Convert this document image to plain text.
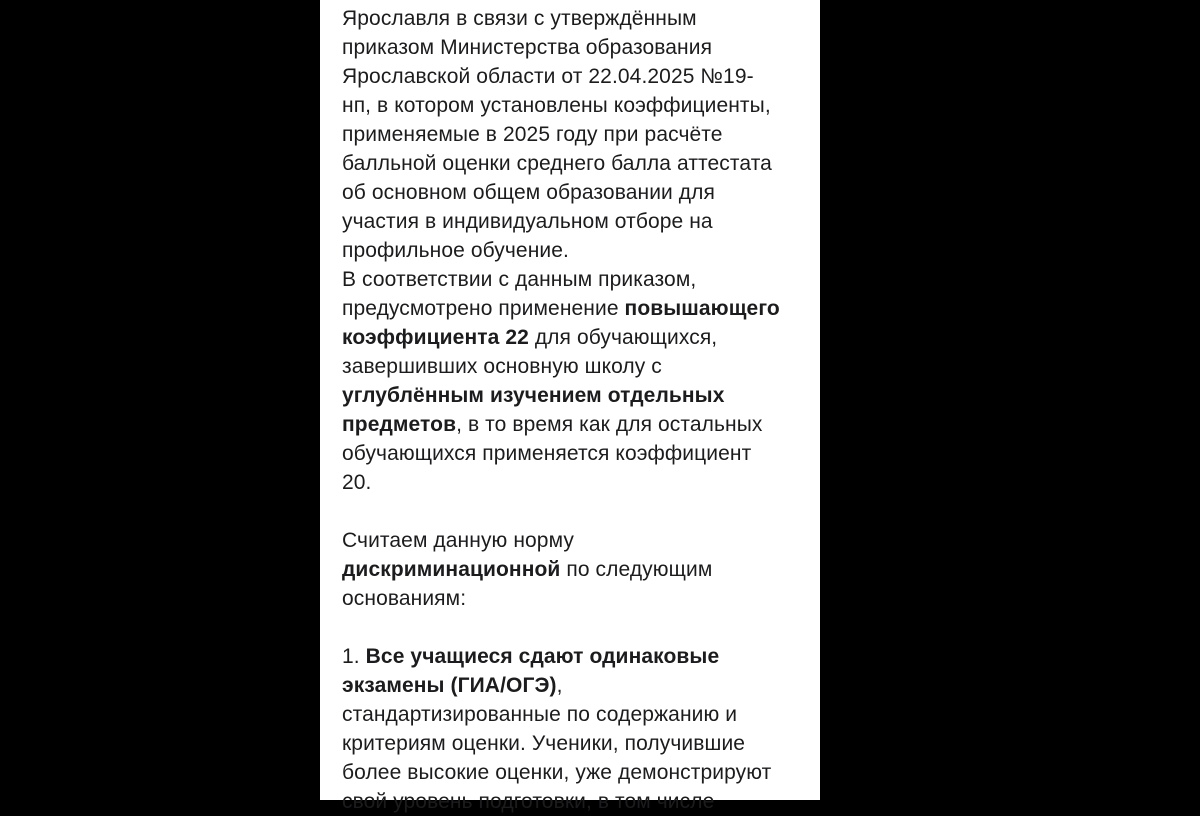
Ярославля в связи с утверждённым
приказом Министерства образования
Ярославской области от 22.04.2025 №19-
нп, в котором установлены коэффициенты,
применяемые в 2025 году при расчёте
балльной оценки среднего балла аттестата
об основном общем образовании для
участия в индивидуальном отборе на
профильное обучение.

В соответствии с данным приказом,
предусмотрено применение повышающего
коэффициента 22 для обучающихся,
завершивших основную школу с
углублённым изучением отдельных
предметов, в то время как для остальных
обучающихся применяется коэффициент
20.

Считаем данную норму
дискриминационной по следующим
основаниям:

1. Все учащиеся сдают одинаковые
экзамены (ГИА/ОГЭ),
стандартизированные по содержанию и
критериям оценки. Ученики, получившие
более высокие оценки, уже демонстрируют
свой уровень подготовки, в том числе
